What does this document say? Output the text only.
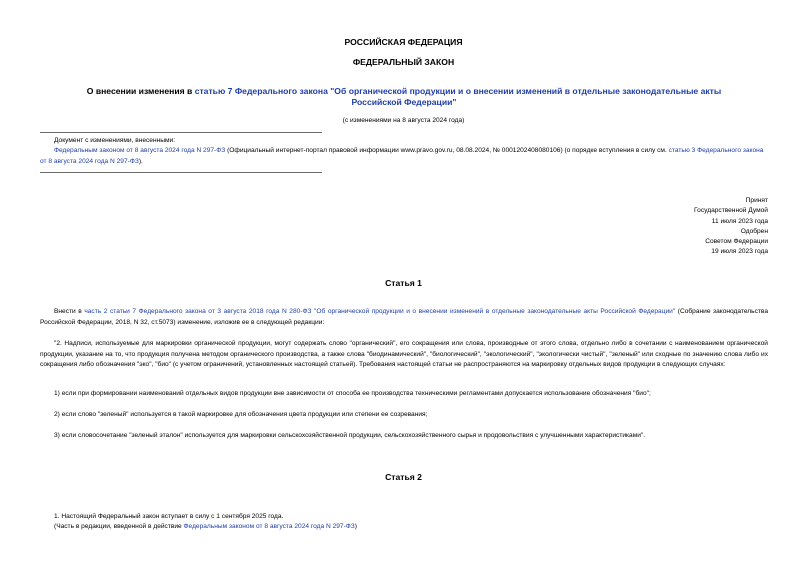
РОССИЙСКАЯ ФЕДЕРАЦИЯ
ФЕДЕРАЛЬНЫЙ ЗАКОН
О внесении изменения в статью 7 Федерального закона "Об органической продукции и о внесении изменений в отдельные законодательные акты Российской Федерации"
(с изменениями на 8 августа 2024 года)
Документ с изменениями, внесенными:
Федеральным законом от 8 августа 2024 года N 297-ФЗ (Официальный интернет-портал правовой информации www.pravo.gov.ru, 08.08.2024, № 0001202408080106) (о порядке вступления в силу см. статью 3 Федерального закона от 8 августа 2024 года N 297-ФЗ).
Принят
Государственной Думой
11 июля 2023 года
Одобрен
Советом Федерации
19 июля 2023 года
Статья 1
Внести в часть 2 статьи 7 Федерального закона от 3 августа 2018 года N 280-ФЗ "Об органической продукции и о внесении изменений в отдельные законодательные акты Российской Федерации" (Собрание законодательства Российской Федерации, 2018, N 32, ст.5073) изменение, изложив ее в следующей редакции:
"2. Надписи, используемые для маркировки органической продукции, могут содержать слово "органический", его сокращения или слова, производные от этого слова, отдельно либо в сочетании с наименованием органической продукции, указание на то, что продукция получена методом органического производства, а также слова "биодинамический", "биологический", "экологический", "экологически чистый", "зеленый" или сходные по значению слова либо их сокращения либо обозначения "эко", "био" (с учетом ограничений, установленных настоящей статьей). Требования настоящей статьи не распространяются на маркировку отдельных видов продукции в следующих случаях:
1) если при формировании наименований отдельных видов продукции вне зависимости от способа ее производства техническими регламентами допускается использование обозначения "био";
2) если слово "зеленый" используется в такой маркировке для обозначения цвета продукции или степени ее созревания;
3) если словосочетание "зеленый эталон" используется для маркировки сельскохозяйственной продукции, сельскохозяйственного сырья и продовольствия с улучшенными характеристиками".
Статья 2
1. Настоящий Федеральный закон вступает в силу с 1 сентября 2025 года.
(Часть в редакции, введенной в действие Федеральным законом от 8 августа 2024 года N 297-ФЗ)
